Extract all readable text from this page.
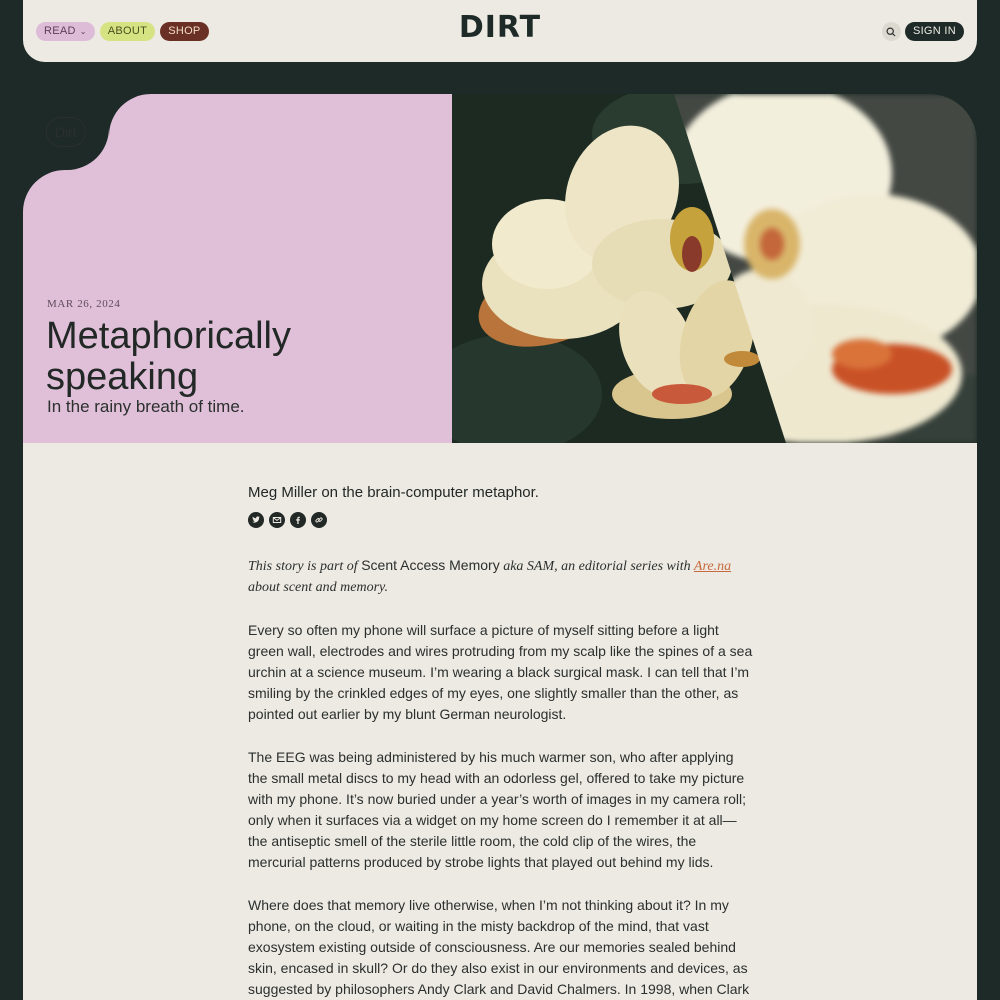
READ ⌄	ABOUT	SHOP	DIRT	SIGN IN
Dirt
MAR 26, 2024
Metaphorically speaking
In the rainy breath of time.

Meg Miller on the brain-computer metaphor.

This story is part of Scent Access Memory aka SAM, an editorial series with Are.na about scent and memory.

Every so often my phone will surface a picture of myself sitting before a light green wall, electrodes and wires protruding from my scalp like the spines of a sea urchin at a science museum. I’m wearing a black surgical mask. I can tell that I’m smiling by the crinkled edges of my eyes, one slightly smaller than the other, as pointed out earlier by my blunt German neurologist.

The EEG was being administered by his much warmer son, who after applying the small metal discs to my head with an odorless gel, offered to take my picture with my phone. It’s now buried under a year’s worth of images in my camera roll; only when it surfaces via a widget on my home screen do I remember it at all—the antiseptic smell of the sterile little room, the cold clip of the wires, the mercurial patterns produced by strobe lights that played out behind my lids.

Where does that memory live otherwise, when I’m not thinking about it? In my phone, on the cloud, or waiting in the misty backdrop of the mind, that vast exosystem existing outside of consciousness. Are our memories sealed behind skin, encased in skull? Or do they also exist in our environments and devices, as suggested by philosophers Andy Clark and David Chalmers. In 1998, when Clark
